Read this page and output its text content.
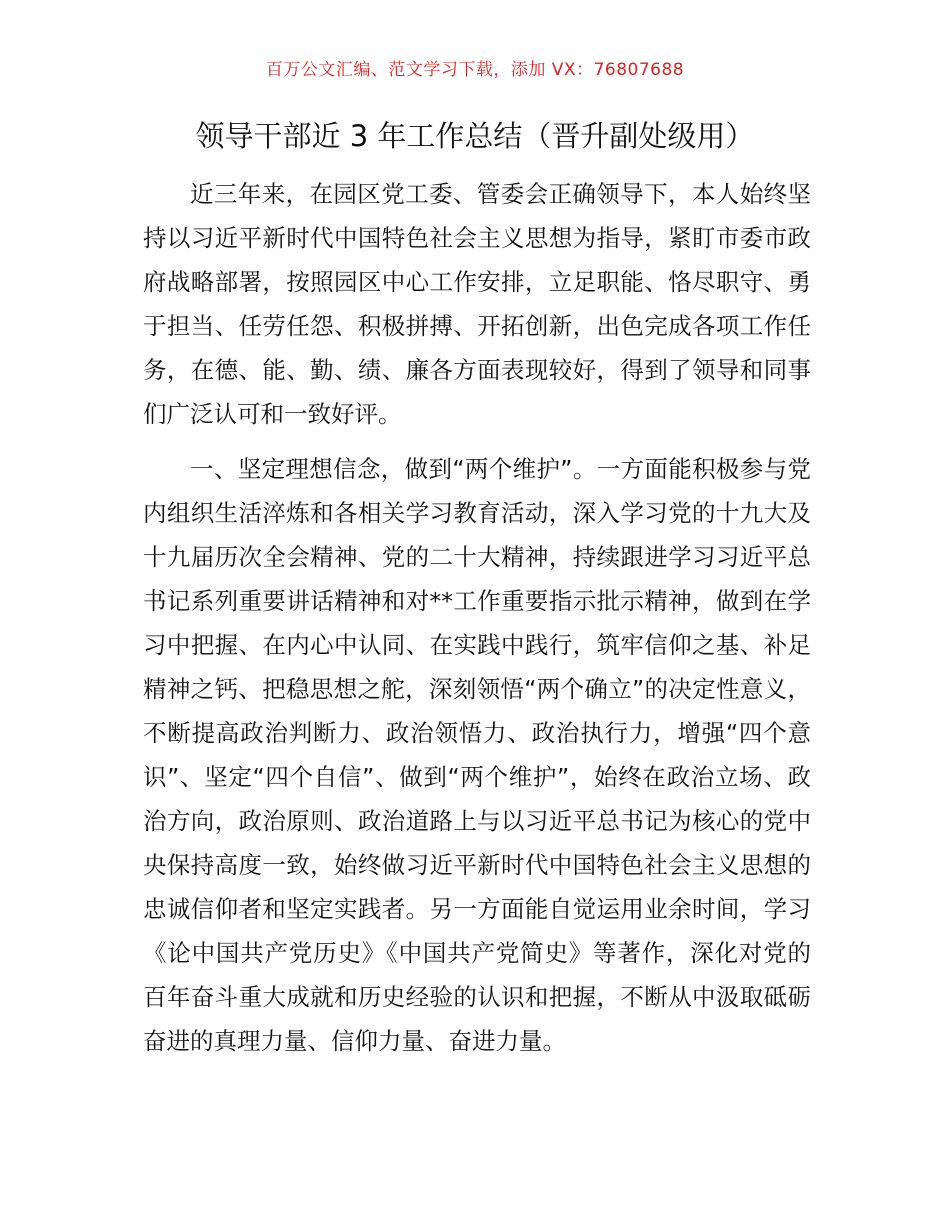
百万公文汇编、范文学习下载，添加 VX：76807688
领导干部近 3 年工作总结（晋升副处级用）

近三年来，在园区党工委、管委会正确领导下，本人始终坚持以习近平新时代中国特色社会主义思想为指导，紧盯市委市政府战略部署，按照园区中心工作安排，立足职能、恪尽职守、勇于担当、任劳任怨、积极拼搏、开拓创新，出色完成各项工作任务，在德、能、勤、绩、廉各方面表现较好，得到了领导和同事们广泛认可和一致好评。

一、坚定理想信念，做到“两个维护”。一方面能积极参与党内组织生活淬炼和各相关学习教育活动，深入学习党的十九大及十九届历次全会精神、党的二十大精神，持续跟进学习习近平总书记系列重要讲话精神和对**工作重要指示批示精神，做到在学习中把握、在内心中认同、在实践中践行，筑牢信仰之基、补足精神之钙、把稳思想之舵，深刻领悟“两个确立”的决定性意义，不断提高政治判断力、政治领悟力、政治执行力，增强“四个意识”、坚定“四个自信”、做到“两个维护”，始终在政治立场、政治方向，政治原则、政治道路上与以习近平总书记为核心的党中央保持高度一致，始终做习近平新时代中国特色社会主义思想的忠诚信仰者和坚定实践者。另一方面能自觉运用业余时间，学习《论中国共产党历史》《中国共产党简史》等著作，深化对党的百年奋斗重大成就和历史经验的认识和把握，不断从中汲取砥砺奋进的真理力量、信仰力量、奋进力量。
